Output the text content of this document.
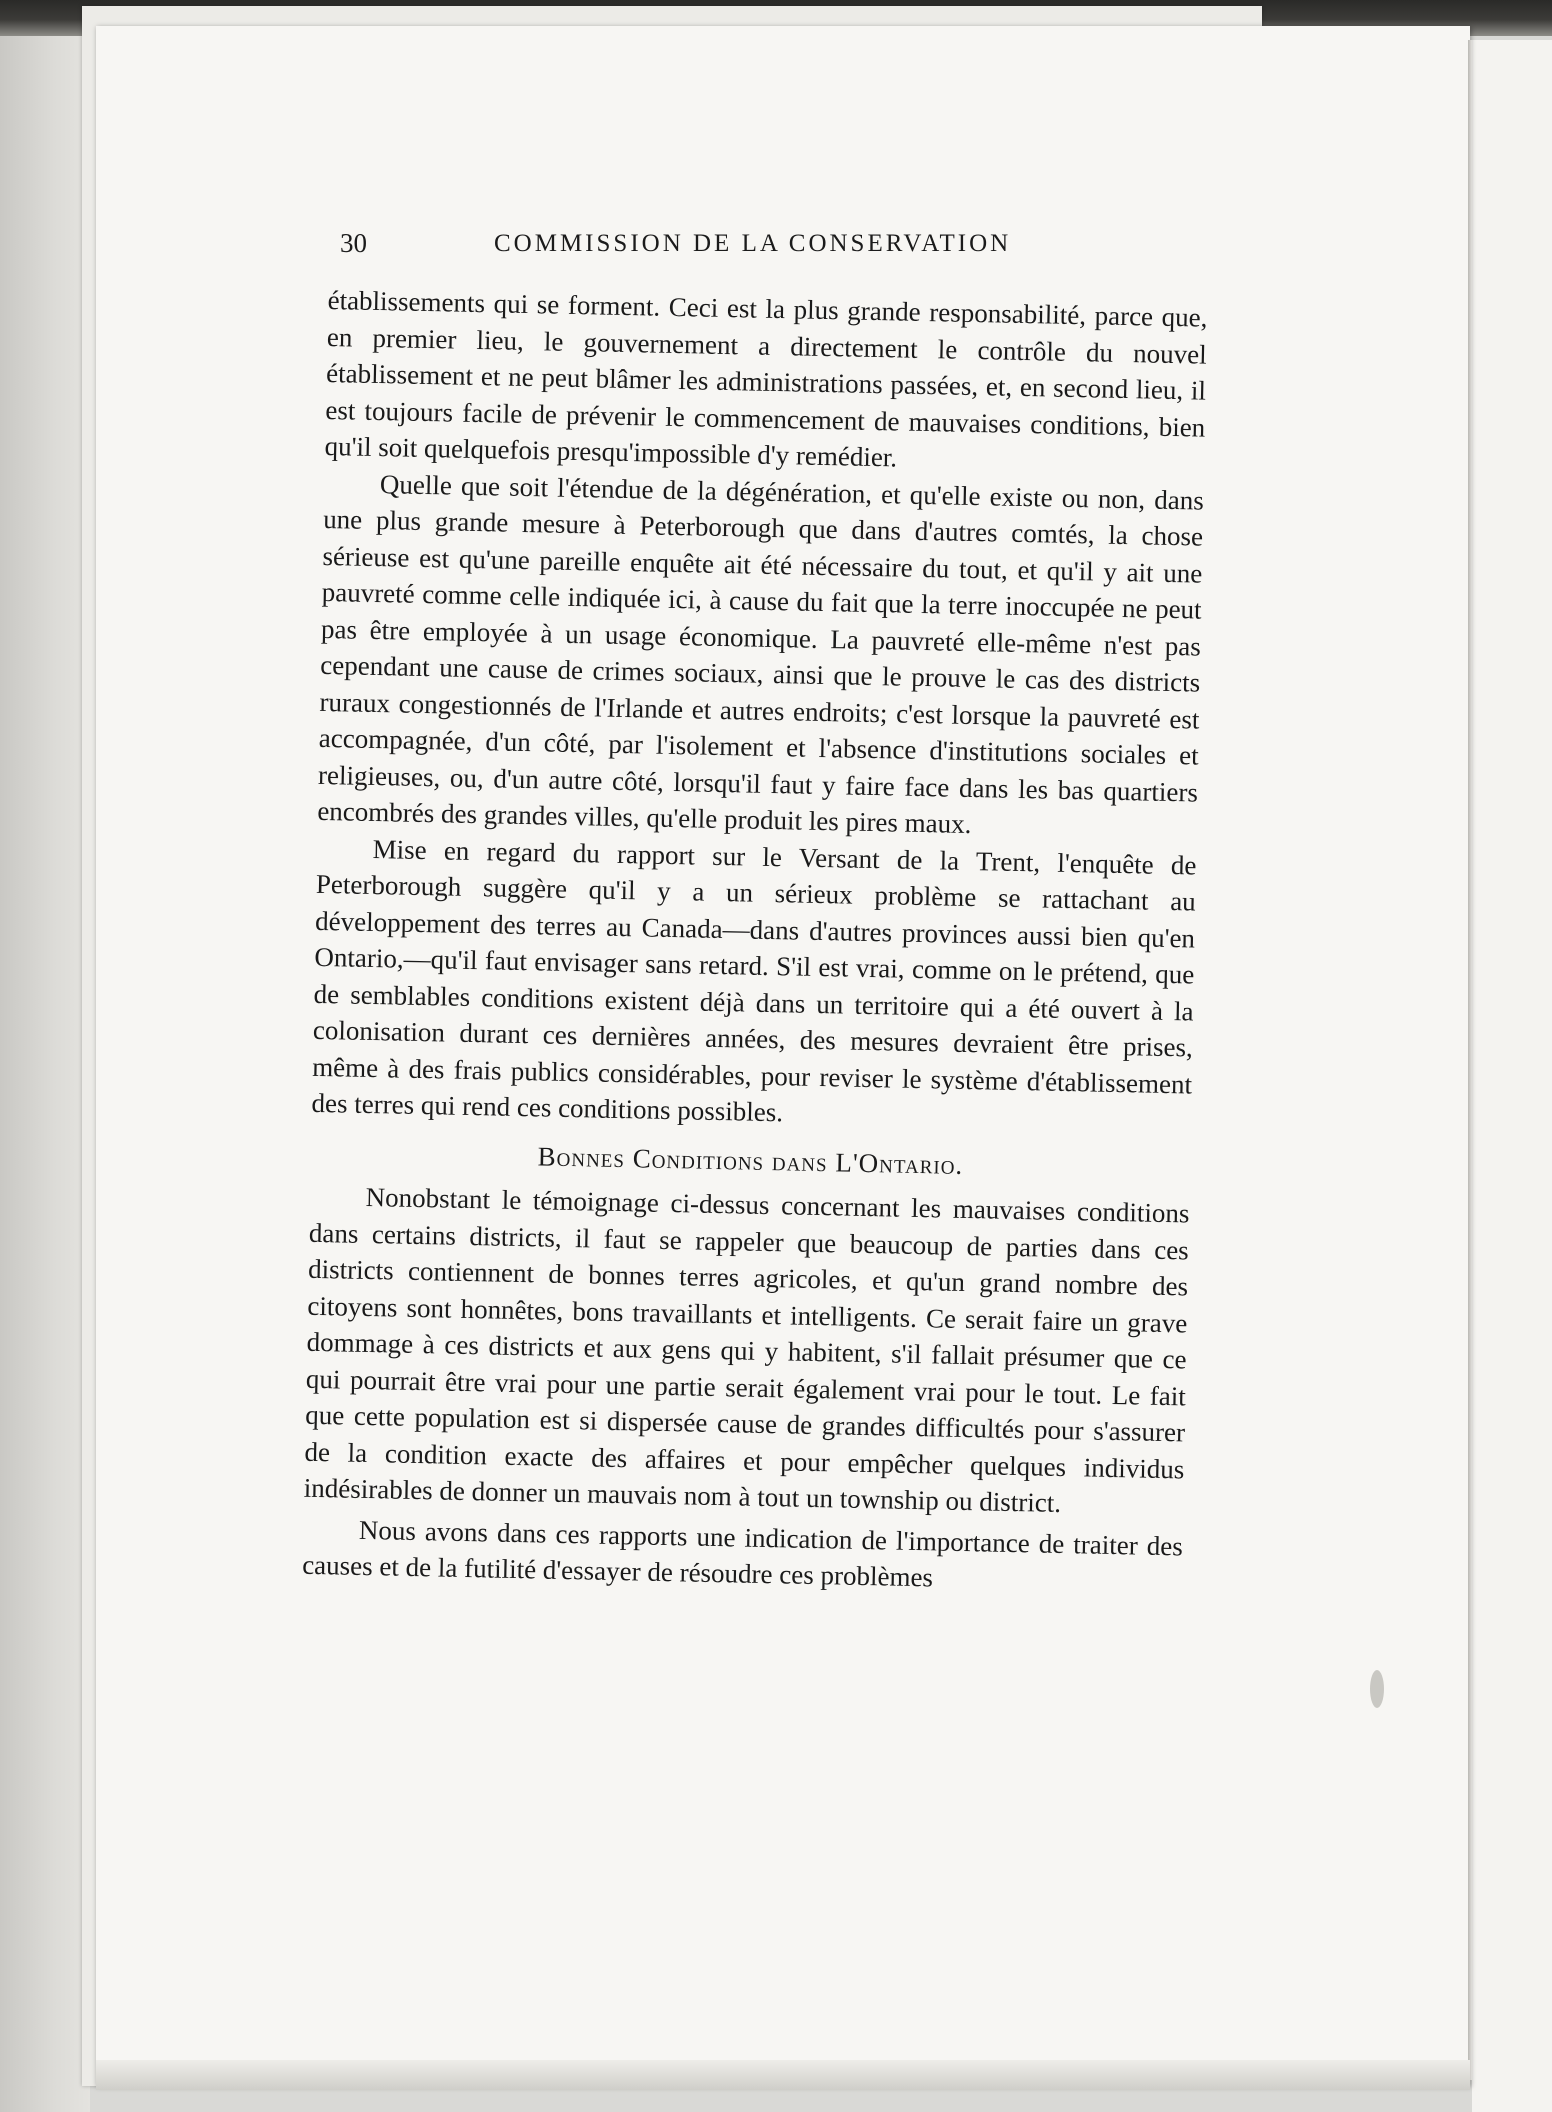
30	COMMISSION DE LA CONSERVATION

établissements qui se forment. Ceci est la plus grande responsabilité, parce que, en premier lieu, le gouvernement a directement le contrôle du nouvel établissement et ne peut blâmer les administrations passées, et, en second lieu, il est toujours facile de prévenir le commencement de mauvaises conditions, bien qu'il soit quelquefois presqu'impossible d'y remédier.

Quelle que soit l'étendue de la dégénération, et qu'elle existe ou non, dans une plus grande mesure à Peterborough que dans d'autres comtés, la chose sérieuse est qu'une pareille enquête ait été nécessaire du tout, et qu'il y ait une pauvreté comme celle indiquée ici, à cause du fait que la terre inoccupée ne peut pas être employée à un usage économique. La pauvreté elle-même n'est pas cependant une cause de crimes sociaux, ainsi que le prouve le cas des districts ruraux congestionnés de l'Irlande et autres endroits; c'est lorsque la pauvreté est accompagnée, d'un côté, par l'isolement et l'absence d'institutions sociales et religieuses, ou, d'un autre côté, lorsqu'il faut y faire face dans les bas quartiers encombrés des grandes villes, qu'elle produit les pires maux.

Mise en regard du rapport sur le Versant de la Trent, l'enquête de Peterborough suggère qu'il y a un sérieux problème se rattachant au développement des terres au Canada—dans d'autres provinces aussi bien qu'en Ontario,—qu'il faut envisager sans retard. S'il est vrai, comme on le prétend, que de semblables conditions existent déjà dans un territoire qui a été ouvert à la colonisation durant ces dernières années, des mesures devraient être prises, même à des frais publics considérables, pour reviser le système d'établissement des terres qui rend ces conditions possibles.

Bonnes Conditions dans L'Ontario.

Nonobstant le témoignage ci-dessus concernant les mauvaises conditions dans certains districts, il faut se rappeler que beaucoup de parties dans ces districts contiennent de bonnes terres agricoles, et qu'un grand nombre des citoyens sont honnêtes, bons travaillants et intelligents. Ce serait faire un grave dommage à ces districts et aux gens qui y habitent, s'il fallait présumer que ce qui pourrait être vrai pour une partie serait également vrai pour le tout. Le fait que cette population est si dispersée cause de grandes difficultés pour s'assurer de la condition exacte des affaires et pour empêcher quelques individus indésirables de donner un mauvais nom à tout un township ou district.

Nous avons dans ces rapports une indication de l'importance de traiter des causes et de la futilité d'essayer de résoudre ces problèmes
